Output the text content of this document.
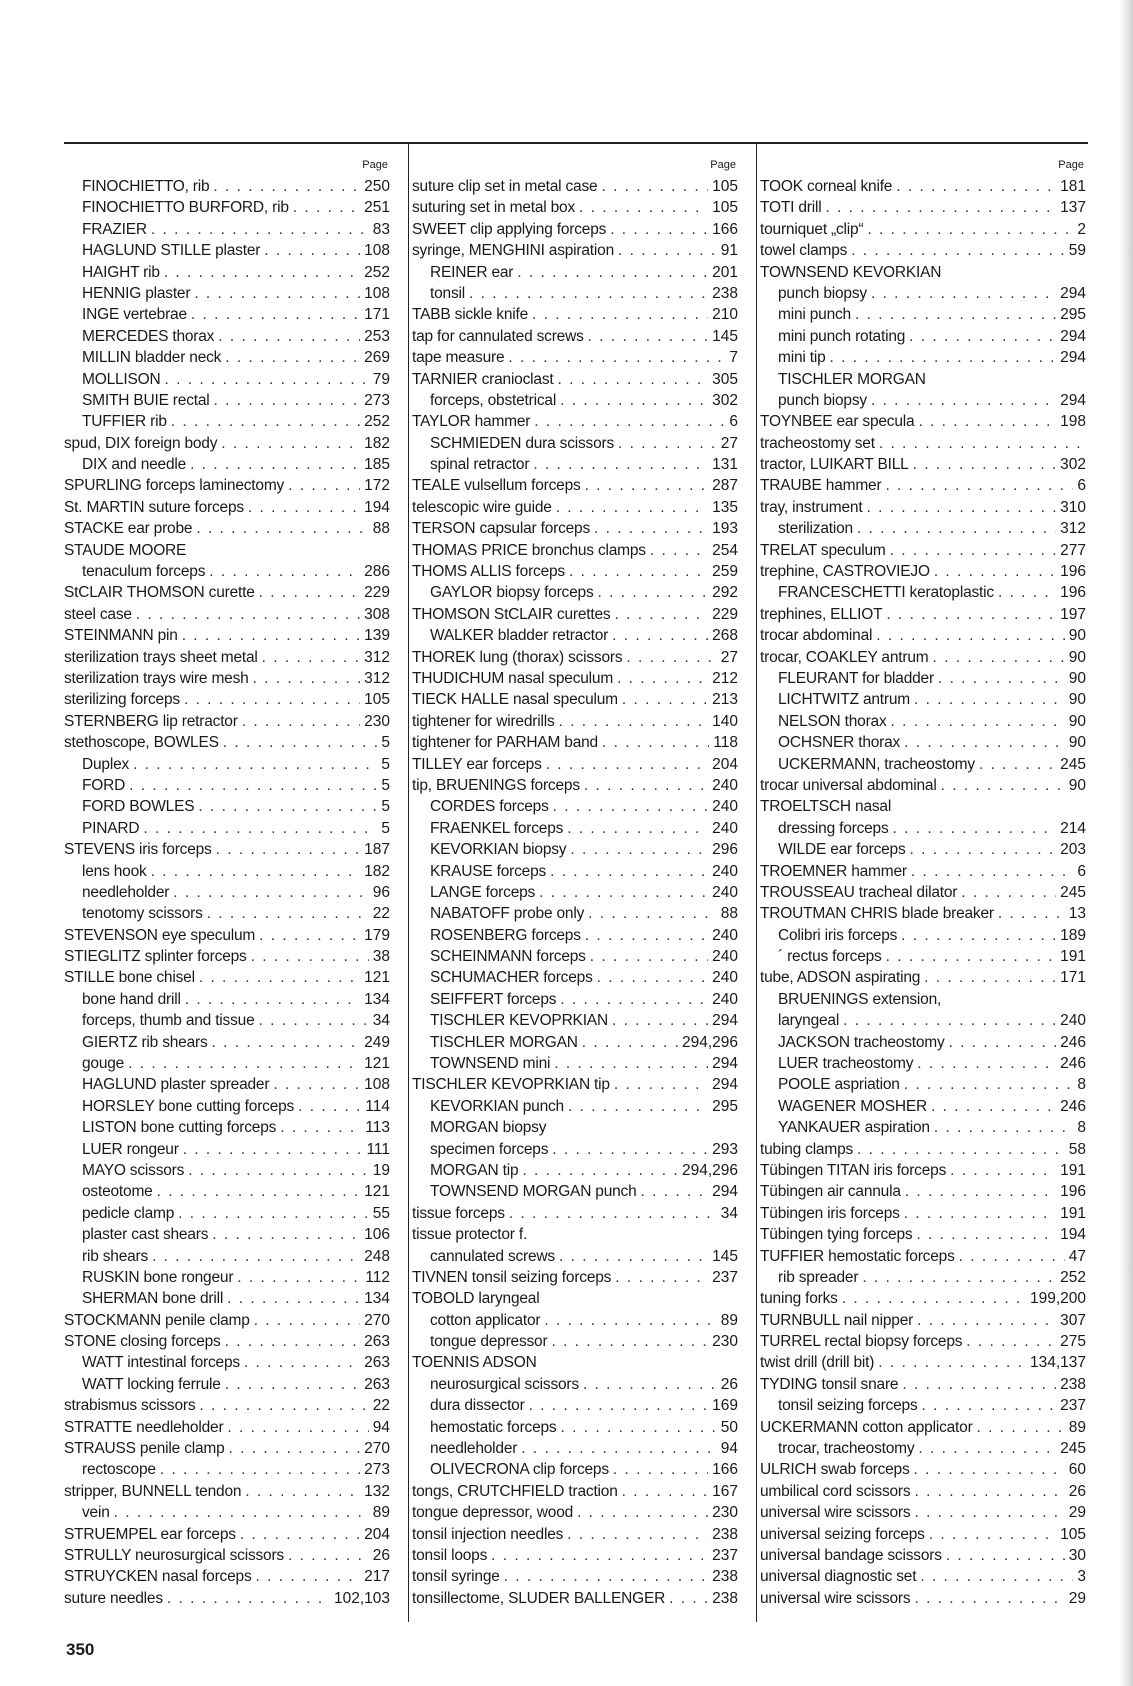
Page
FINOCHIETTO, rib . . .	250
FINOCHIETTO BURFORD, rib . . .	251
FRAZIER . . .	83
HAGLUND STILLE plaster . . .	108
HAIGHT rib . . .	252
HENNIG plaster . . .	108
INGE vertebrae . . .	171
MERCEDES thorax . . .	253
MILLIN bladder neck . . .	269
MOLLISON . . .	79
SMITH BUIE rectal . . .	273
TUFFIER rib . . .	252
spud, DIX foreign body . . .	182
DIX and needle . . .	185
SPURLING forceps laminectomy . . .	172
St. MARTIN suture forceps . . .	194
STACKE ear probe . . .	88
STAUDE MOORE
tenaculum forceps . . .	286
StCLAIR THOMSON curette . . .	229
steel case . . .	308
STEINMANN pin . . .	139
sterilization trays sheet metal . . .	312
sterilization trays wire mesh . . .	312
sterilizing forceps . . .	105
STERNBERG lip retractor . . .	230
stethoscope, BOWLES . . .	5
Duplex . . .	5
FORD . . .	5
FORD BOWLES . . .	5
PINARD . . .	5
STEVENS iris forceps . . .	187
lens hook . . .	182
needleholder . . .	96
tenotomy scissors . . .	22
STEVENSON eye speculum . . .	179
STIEGLITZ splinter forceps . . .	38
STILLE bone chisel . . .	121
bone hand drill . . .	134
forceps, thumb and tissue . . .	34
GIERTZ rib shears . . .	249
gouge . . .	121
HAGLUND plaster spreader . . .	108
HORSLEY bone cutting forceps . . .	114
LISTON bone cutting forceps . . .	113
LUER rongeur . . .	111
MAYO scissors . . .	19
osteotome . . .	121
pedicle clamp . . .	55
plaster cast shears . . .	106
rib shears . . .	248
RUSKIN bone rongeur . . .	112
SHERMAN bone drill . . .	134
STOCKMANN penile clamp . . .	270
STONE closing forceps . . .	263
WATT intestinal forceps . . .	263
WATT locking ferrule . . .	263
strabismus scissors . . .	22
STRATTE needleholder . . .	94
STRAUSS penile clamp . . .	270
rectoscope . . .	273
stripper, BUNNELL tendon . . .	132
vein . . .	89
STRUEMPEL ear forceps . . .	204
STRULLY neurosurgical scissors . . .	26
STRUYCKEN nasal forceps . . .	217
suture needles . . .	102,103
Page
suture clip set in metal case . . .	105
suturing set in metal box . . .	105
SWEET clip applying forceps . . .	166
syringe, MENGHINI aspiration . . .	91
REINER ear . . .	201
tonsil . . .	238
TABB sickle knife . . .	210
tap for cannulated screws . . .	145
tape measure . . .	7
TARNIER cranioclast . . .	305
forceps, obstetrical . . .	302
TAYLOR hammer . . .	6
SCHMIEDEN dura scissors . . .	27
spinal retractor . . .	131
TEALE vulsellum forceps . . .	287
telescopic wire guide . . .	135
TERSON capsular forceps . . .	193
THOMAS PRICE bronchus clamps . . .	254
THOMS ALLIS forceps . . .	259
GAYLOR biopsy forceps . . .	292
THOMSON StCLAIR curettes . . .	229
WALKER bladder retractor . . .	268
THOREK lung (thorax) scissors . . .	27
THUDICHUM nasal speculum . . .	212
TIECK HALLE nasal speculum . . .	213
tightener for wiredrills . . .	140
tightener for PARHAM band . . .	118
TILLEY ear forceps . . .	204
tip, BRUENINGS forceps . . .	240
CORDES forceps . . .	240
FRAENKEL forceps . . .	240
KEVORKIAN biopsy . . .	296
KRAUSE forceps . . .	240
LANGE forceps . . .	240
NABATOFF probe only . . .	88
ROSENBERG forceps . . .	240
SCHEINMANN forceps . . .	240
SCHUMACHER forceps . . .	240
SEIFFERT forceps . . .	240
TISCHLER KEVOPRKIAN . . .	294
TISCHLER MORGAN . . .	294,296
TOWNSEND mini . . .	294
TISCHLER KEVOPRKIAN tip . . .	294
KEVORKIAN punch . . .	295
MORGAN biopsy
specimen forceps . . .	293
MORGAN tip . . .	294,296
TOWNSEND MORGAN punch . . .	294
tissue forceps . . .	34
tissue protector f.
cannulated screws . . .	145
TIVNEN tonsil seizing forceps . . .	237
TOBOLD laryngeal
cotton applicator . . .	89
tongue depressor . . .	230
TOENNIS ADSON
neurosurgical scissors . . .	26
dura dissector . . .	169
hemostatic forceps . . .	50
needleholder . . .	94
OLIVECRONA clip forceps . . .	166
tongs, CRUTCHFIELD traction . . .	167
tongue depressor, wood . . .	230
tonsil injection needles . . .	238
tonsil loops . . .	237
tonsil syringe . . .	238
tonsillectome, SLUDER BALLENGER . . .	238
Page
TOOK corneal knife . . .	181
TOTI drill . . .	137
tourniquet „clip“ . . .	2
towel clamps . . .	59
TOWNSEND KEVORKIAN
punch biopsy . . .	294
mini punch . . .	295
mini punch rotating . . .	294
mini tip . . .	294
TISCHLER MORGAN
punch biopsy . . .	294
TOYNBEE ear specula . . .	198
tracheostomy set
. . .
tractor, LUIKART BILL . . .	302
TRAUBE hammer . . .	6
tray, instrument . . .	310
sterilization . . .	312
TRELAT speculum . . .	277
trephine, CASTROVIEJO . . .	196
FRANCESCHETTI keratoplastic . . .	196
trephines, ELLIOT . . .	197
trocar abdominal . . .	90
trocar, COAKLEY antrum . . .	90
FLEURANT for bladder . . .	90
LICHTWITZ antrum . . .	90
NELSON thorax . . .	90
OCHSNER thorax . . .	90
UCKERMANN, tracheostomy . . .	245
trocar universal abdominal . . .	90
TROELTSCH nasal
dressing forceps . . .	214
WILDE ear forceps . . .	203
TROEMNER hammer . . .	6
TROUSSEAU tracheal dilator . . .	245
TROUTMAN CHRIS blade breaker . . .	13
Colibri iris forceps . . .	189
´ rectus forceps . . .	191
tube, ADSON aspirating . . .	171
BRUENINGS extension,
laryngeal . . .	240
JACKSON tracheostomy . . .	246
LUER tracheostomy . . .	246
POOLE aspriation . . .	8
WAGENER MOSHER . . .	246
YANKAUER aspiration . . .	8
tubing clamps . . .	58
Tübingen TITAN iris forceps . . .	191
Tübingen air cannula . . .	196
Tübingen iris forceps . . .	191
Tübingen tying forceps . . .	194
TUFFIER hemostatic forceps . . .	47
rib spreader . . .	252
tuning forks . . .	199,200
TURNBULL nail nipper . . .	307
TURREL rectal biopsy forceps . . .	275
twist drill (drill bit) . . .	134,137
TYDING tonsil snare . . .	238
tonsil seizing forceps . . .	237
UCKERMANN cotton applicator . . .	89
trocar, tracheostomy . . .	245
ULRICH swab forceps . . .	60
umbilical cord scissors . . .	26
universal wire scissors . . .	29
universal seizing forceps . . .	105
universal bandage scissors . . .	30
universal diagnostic set . . .	3
universal wire scissors . . .	29
350
